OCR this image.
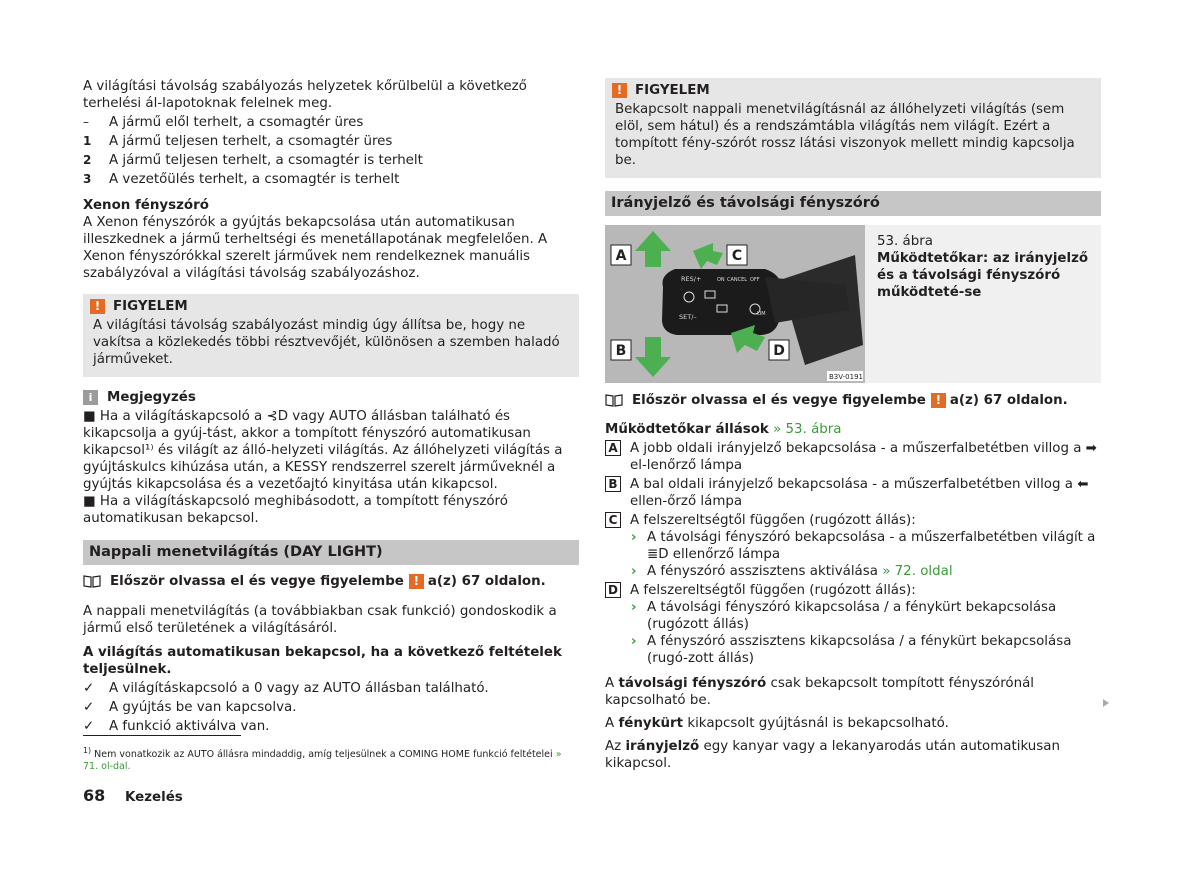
A világítási távolság szabályozás helyzetek kőrülbelül a következő terhelési ál-lapotoknak felelnek meg.

–	A jármű elől terhelt, a csomagtér üres
1	A jármű teljesen terhelt, a csomagtér üres
2	A jármű teljesen terhelt, a csomagtér is terhelt
3	A vezetőülés terhelt, a csomagtér is terhelt

Xenon fényszóró

A Xenon fényszórók a gyújtás bekapcsolása után automatikusan illeszkednek a jármű terheltségi és menetállapotának megfelelően. A Xenon fényszórókkal szerelt járművek nem rendelkeznek manuális szabályzóval a világítási távolság szabályozáshoz.

! FIGYELEM

A világítási távolság szabályozást mindig úgy állítsa be, hogy ne vakítsa a közlekedés többi résztvevőjét, különösen a szemben haladó járműveket.

i	Megjegyzés

■ Ha a világításkapcsoló a ⊰D vagy AUTO állásban található és kikapcsolja a gyúj-tást, akkor a tompított fényszóró automatikusan kikapcsol¹⁾ és világít az álló-helyzeti világítás. Az állóhelyzeti világítás a gyújtáskulcs kihúzása után, a KESSY rendszerrel szerelt járműveknél a gyújtás kikapcsolása és a vezetőajtó kinyitása után kikapcsol.

■ Ha a világításkapcsoló meghibásodott, a tompított fényszóró automatikusan bekapcsol.

Nappali menetvilágítás (DAY LIGHT)
Először olvassa el és vegye figyelembe ! a(z) 67 oldalon.

A nappali menetvilágítás (a továbbiakban csak funkció) gondoskodik a jármű első területének a világításáról.

A világítás automatikusan bekapcsol, ha a következő feltételek teljesülnek.

✓	A világításkapcsoló a 0 vagy az AUTO állásban található.
✓	A gyújtás be van kapcsolva.
✓	A funkció aktiválva van.
! FIGYELEM

Bekapcsolt nappali menetvilágításnál az állóhelyzeti világítás (sem elöl, sem hátul) és a rendszámtábla világítás nem világít. Ezért a tompított fény-szórót rossz látási viszonyok mellett mindig kapcsolja be.

Irányjelző és távolsági fényszóró
RES/+	ON CANCEL OFF
SET/–	LIM
A
B
C
D
B3V-0191

53. ábra

Működtetőkar: az irányjelző és a távolsági fényszóró működteté-se

Először olvassa el és vegye figyelembe ! a(z) 67 oldalon.

Működtetőkar állások » 53. ábra

A A jobb oldali irányjelző bekapcsolása - a műszerfalbetétben villog a ➡ el-lenőrző lámpa
B A bal oldali irányjelző bekapcsolása - a műszerfalbetétben villog a ⬅ ellen-őrző lámpa
C A felszereltségtől függően (rugózott állás):
› A távolsági fényszóró bekapcsolása - a műszerfalbetétben világít a ≣D ellenőrző lámpa
› A fényszóró asszisztens aktiválása » 72. oldal
D A felszereltségtől függően (rugózott állás):
› A távolsági fényszóró kikapcsolása / a fénykürt bekapcsolása (rugózott állás)
› A fényszóró asszisztens kikapcsolása / a fénykürt bekapcsolása (rugó-zott állás)

A távolsági fényszóró csak bekapcsolt tompított fényszórónál kapcsolható be.

A fénykürt kikapcsolt gyújtásnál is bekapcsolható.

Az irányjelző egy kanyar vagy a lekanyarodás után automatikusan kikapcsol.

$^{1)}$ Nem vonatkozik az AUTO állásra mindaddig, amíg teljesülnek a COMING HOME funkció feltételei » 71. ol-dal.
68 Kezelés
